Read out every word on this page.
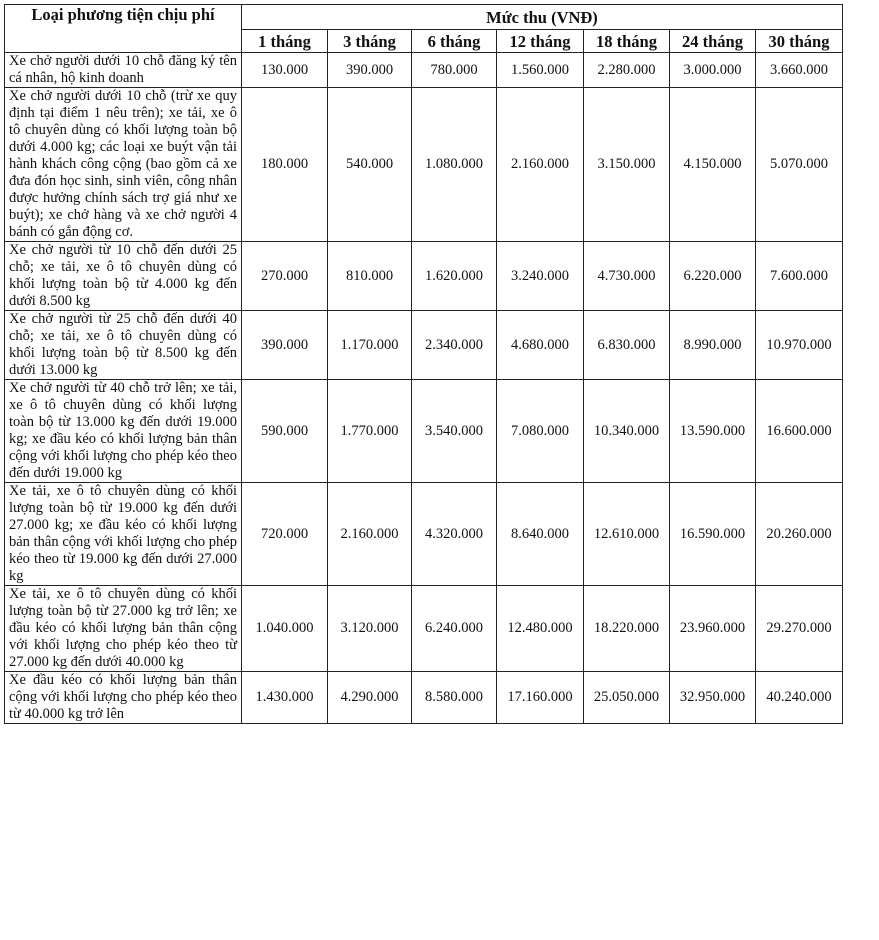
Loại phương tiện chịu phí	Mức thu (VNĐ)						
	1 tháng	3 tháng	6 tháng	12 tháng	18 tháng	24 tháng	30 tháng
Xe chở người dưới 10 chỗ đăng ký tên cá nhân, hộ kinh doanh	130.000	390.000	780.000	1.560.000	2.280.000	3.000.000	3.660.000
Xe chở người dưới 10 chỗ (trừ xe quy định tại điểm 1 nêu trên); xe tải, xe ô tô chuyên dùng có khối lượng toàn bộ dưới 4.000 kg; các loại xe buýt vận tải hành khách công cộng (bao gồm cả xe đưa đón học sinh, sinh viên, công nhân được hưởng chính sách trợ giá như xe buýt); xe chở hàng và xe chở người 4 bánh có gắn động cơ.	180.000	540.000	1.080.000	2.160.000	3.150.000	4.150.000	5.070.000
Xe chở người từ 10 chỗ đến dưới 25 chỗ; xe tải, xe ô tô chuyên dùng có khối lượng toàn bộ từ 4.000 kg đến dưới 8.500 kg	270.000	810.000	1.620.000	3.240.000	4.730.000	6.220.000	7.600.000
Xe chở người từ 25 chỗ đến dưới 40 chỗ; xe tải, xe ô tô chuyên dùng có khối lượng toàn bộ từ 8.500 kg đến dưới 13.000 kg	390.000	1.170.000	2.340.000	4.680.000	6.830.000	8.990.000	10.970.000
Xe chở người từ 40 chỗ trở lên; xe tải, xe ô tô chuyên dùng có khối lượng toàn bộ từ 13.000 kg đến dưới 19.000 kg; xe đầu kéo có khối lượng bản thân cộng với khối lượng cho phép kéo theo đến dưới 19.000 kg	590.000	1.770.000	3.540.000	7.080.000	10.340.000	13.590.000	16.600.000
Xe tải, xe ô tô chuyên dùng có khối lượng toàn bộ từ 19.000 kg đến dưới 27.000 kg; xe đầu kéo có khối lượng bản thân cộng với khối lượng cho phép kéo theo từ 19.000 kg đến dưới 27.000 kg	720.000	2.160.000	4.320.000	8.640.000	12.610.000	16.590.000	20.260.000
Xe tải, xe ô tô chuyên dùng có khối lượng toàn bộ từ 27.000 kg trở lên; xe đầu kéo có khối lượng bản thân cộng với khối lượng cho phép kéo theo từ 27.000 kg đến dưới 40.000 kg	1.040.000	3.120.000	6.240.000	12.480.000	18.220.000	23.960.000	29.270.000
Xe đầu kéo có khối lượng bản thân cộng với khối lượng cho phép kéo theo từ 40.000 kg trở lên	1.430.000	4.290.000	8.580.000	17.160.000	25.050.000	32.950.000	40.240.000
